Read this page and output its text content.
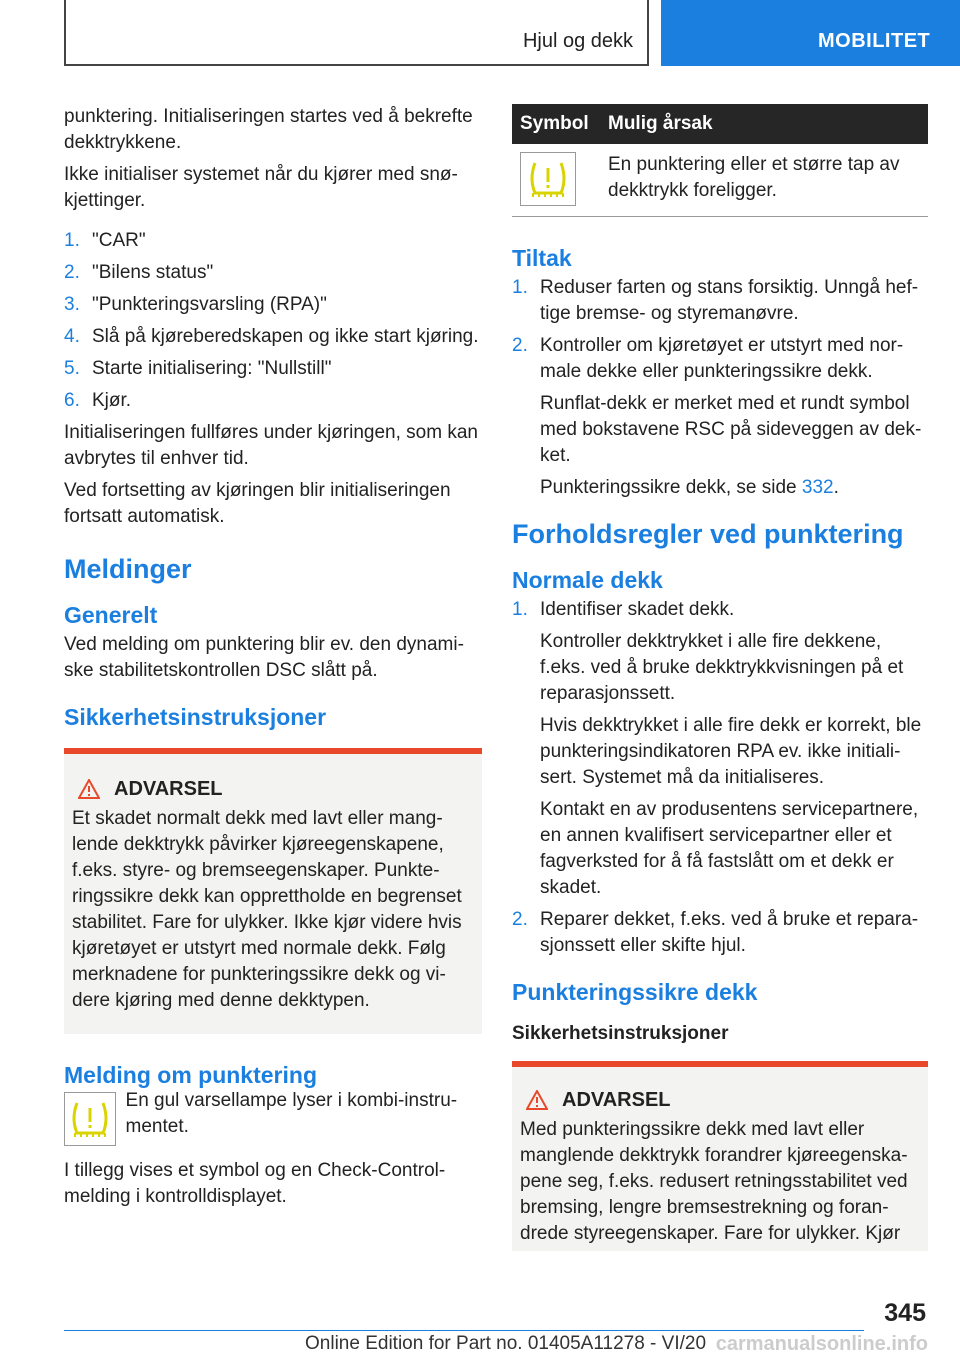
Hjul og dekk	MOBILITET

punktering. Initialiseringen startes ved å bekrefte dekktrykkene.

Ikke initialiser systemet når du kjører med snøkjettinger.

1. "CAR"
2. "Bilens status"
3. "Punkteringsvarsling (RPA)"
4. Slå på kjøreberedskapen og ikke start kjøring.
5. Starte initialisering: "Nullstill"
6. Kjør.

Initialiseringen fullføres under kjøringen, som kan avbrytes til enhver tid.

Ved fortsetting av kjøringen blir initialiseringen fortsatt automatisk.

Meldinger
Generelt

Ved melding om punktering blir ev. den dynamiske stabilitetskontrollen DSC slått på.

Sikkerhetsinstruksjoner
ADVARSEL

Et skadet normalt dekk med lavt eller manglende dekktrykk påvirker kjøreegenskapene, f.eks. styre- og bremseegenskaper. Punkteringssikre dekk kan opprettholde en begrenset stabilitet. Fare for ulykker. Ikke kjør videre hvis kjøretøyet er utstyrt med normale dekk. Følg merknadene for punkteringssikre dekk og videre kjøring med denne dekktypen.

Melding om punktering

En gul varsellampe lyser i kombi-instrumentet.

I tillegg vises et symbol og en Check-Control-melding i kontrolldisplayet.

Symbol	Mulig årsak

	En punktering eller et større tap av dekktrykk foreligger.
Tiltak
1. Reduser farten og stans forsiktig. Unngå heftige bremse- og styremanøvre.
2. Kontroller om kjøretøyet er utstyrt med normale dekke eller punkteringssikre dekk.

Runflat-dekk er merket med et rundt symbol med bokstavene RSC på sideveggen av dekket.

Punkteringssikre dekk, se side 332.

Forholdsregler ved punktering
Normale dekk
1. Identifiser skadet dekk.

Kontroller dekktrykket i alle fire dekkene, f.eks. ved å bruke dekktrykkvisningen på et reparasjonssett.

Hvis dekktrykket i alle fire dekk er korrekt, ble punkteringsindikatoren RPA ev. ikke initialisert. Systemet må da initialiseres.

Kontakt en av produsentens servicepartnere, en annen kvalifisert servicepartner eller et fagverksted for å få fastslått om et dekk er skadet.

2. Reparer dekket, f.eks. ved å bruke et reparasjonssett eller skifte hjul.
Punkteringssikre dekk
Sikkerhetsinstruksjoner
ADVARSEL

Med punkteringssikre dekk med lavt eller manglende dekktrykk forandrer kjøreegenskapene seg, f.eks. redusert retningsstabilitet ved bremsing, lengre bremsestrekning og forandrede styreegenskaper. Fare for ulykker. Kjør

345
Online Edition for Part no. 01405A11278 - VI/20 carmanualsonline.info
